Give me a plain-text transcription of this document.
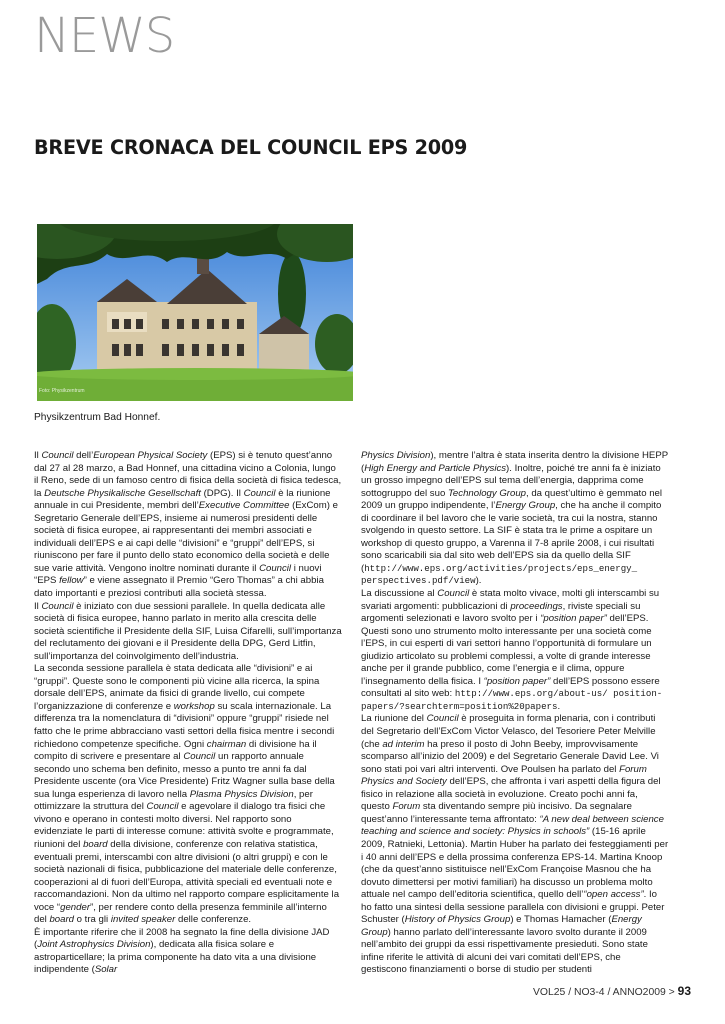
NEWS
BREVE CRONACA DEL COUNCIL EPS 2009
Foto: Physikzentrum

Physikzentrum Bad Honnef.

Il Council dell’European Physical Society (EPS) si è tenuto quest’anno dal 27 al 28 marzo, a Bad Honnef, una cittadina vicino a Colonia, lungo il Reno, sede di un famoso centro di fisica della società di fisica tedesca, la Deutsche Physikalische Gesellschaft (DPG). Il Council è la riunione annuale in cui Presidente, membri dell’Executive Committee (ExCom) e Segretario Generale dell’EPS, insieme ai numerosi presidenti delle società di fisica europee, ai rappresentanti dei membri associati e individuali dell’EPS e ai capi delle “divisioni” e “gruppi” dell’EPS, si riuniscono per fare il punto dello stato economico della società e delle sue varie attività. Vengono inoltre nominati durante il Council i nuovi “EPS fellow” e viene assegnato il Premio “Gero Thomas” a chi abbia dato importanti e preziosi contributi alla società stessa.

Il Council è iniziato con due sessioni parallele. In quella dedicata alle società di fisica europee, hanno parlato in merito alla crescita delle società scientifiche il Presidente della SIF, Luisa Cifarelli, sull’importanza del reclutamento dei giovani e il Presidente della DPG, Gerd Litfin, sull’importanza del coinvolgimento dell’industria.

La seconda sessione parallela è stata dedicata alle “divisioni” e ai “gruppi”. Queste sono le componenti più vicine alla ricerca, la spina dorsale dell’EPS, animate da fisici di grande livello, cui compete l’organizzazione di conferenze e workshop su scala internazionale. La differenza tra la nomenclatura di “divisioni” oppure “gruppi” risiede nel fatto che le prime abbracciano vasti settori della fisica mentre i secondi richiedono competenze specifiche. Ogni chairman di divisione ha il compito di scrivere e presentare al Council un rapporto annuale secondo uno schema ben definito, messo a punto tre anni fa dal Presidente uscente (ora Vice Presidente) Fritz Wagner sulla base della sua lunga esperienza di lavoro nella Plasma Physics Division, per ottimizzare la struttura del Council e agevolare il dialogo tra fisici che vivono e operano in contesti molto diversi. Nel rapporto sono evidenziate le parti di interesse comune: attività svolte e programmate, riunioni del board della divisione, conferenze con relativa statistica, eventuali premi, interscambi con altre divisioni (o altri gruppi) e con le società nazionali di fisica, pubblicazione del materiale delle conferenze, cooperazioni al di fuori dell’Europa, attività speciali ed eventuali note e raccomandazioni. Non da ultimo nel rapporto compare esplicitamente la voce “gender”, per rendere conto della presenza femminile all’interno del board o tra gli invited speaker delle conferenze.

È importante riferire che il 2008 ha segnato la fine della divisione JAD (Joint Astrophysics Division), dedicata alla fisica solare e astroparticellare; la prima componente ha dato vita a una divisione indipendente (Solar

Physics Division), mentre l’altra è stata inserita dentro la divisione HEPP (High Energy and Particle Physics). Inoltre, poiché tre anni fa è iniziato un grosso impegno dell’EPS sul tema dell’energia, dapprima come sottogruppo del suo Technology Group, da quest’ultimo è gemmato nel 2009 un gruppo indipendente, l’Energy Group, che ha anche il compito di coordinare il bel lavoro che le varie società, tra cui la nostra, stanno svolgendo in questo settore. La SIF è stata tra le prime a ospitare un workshop di questo gruppo, a Varenna il 7-8 aprile 2008, i cui risultati sono scaricabili sia dal sito web dell’EPS sia da quello della SIF (http://www.eps.org/activities/projects/eps_energy_ perspectives.pdf/view).

La discussione al Council è stata molto vivace, molti gli interscambi su svariati argomenti: pubblicazioni di proceedings, riviste speciali su argomenti selezionati e lavoro svolto per i “position paper” dell’EPS. Questi sono uno strumento molto interessante per una società come l’EPS, in cui esperti di vari settori hanno l’opportunità di formulare un giudizio articolato su problemi complessi, a volte di grande interesse anche per il grande pubblico, come l’energia e il clima, oppure l’insegnamento della fisica. I “position paper” dell’EPS possono essere consultati al sito web: http://www.eps.org/about-us/ position-papers/?searchterm=position%20papers.

La riunione del Council è proseguita in forma plenaria, con i contributi del Segretario dell’ExCom Victor Velasco, del Tesoriere Peter Melville (che ad interim ha preso il posto di John Beeby, improvvisamente scomparso all’inizio del 2009) e del Segretario Generale David Lee. Vi sono stati poi vari altri interventi. Ove Poulsen ha parlato del Forum Physics and Society dell’EPS, che affronta i vari aspetti della figura del fisico in relazione alla società in evoluzione. Creato pochi anni fa, questo Forum sta diventando sempre più incisivo. Da segnalare quest’anno l’interessante tema affrontato: “A new deal between science teaching and science and society: Physics in schools” (15-16 aprile 2009, Ratnieki, Lettonia). Martin Huber ha parlato dei festeggiamenti per i 40 anni dell’EPS e della prossima conferenza EPS-14. Martina Knoop (che da quest’anno sistituisce nell’ExCom Françoise Masnou che ha dovuto dimettersi per motivi familiari) ha discusso un problema molto attuale nel campo dell’editoria scientifica, quello dell’“open access”. Io ho fatto una sintesi della sessione parallela con divisioni e gruppi. Peter Schuster (History of Physics Group) e Thomas Hamacher (Energy Group) hanno parlato dell’interessante lavoro svolto durante il 2009 nell’ambito dei gruppi da essi rispettivamente presieduti. Sono state infine riferite le attività di alcuni dei vari comitati dell’EPS, che gestiscono finanziamenti o borse di studio per studenti

VOL25 / NO3-4 / ANNO2009 > 93
